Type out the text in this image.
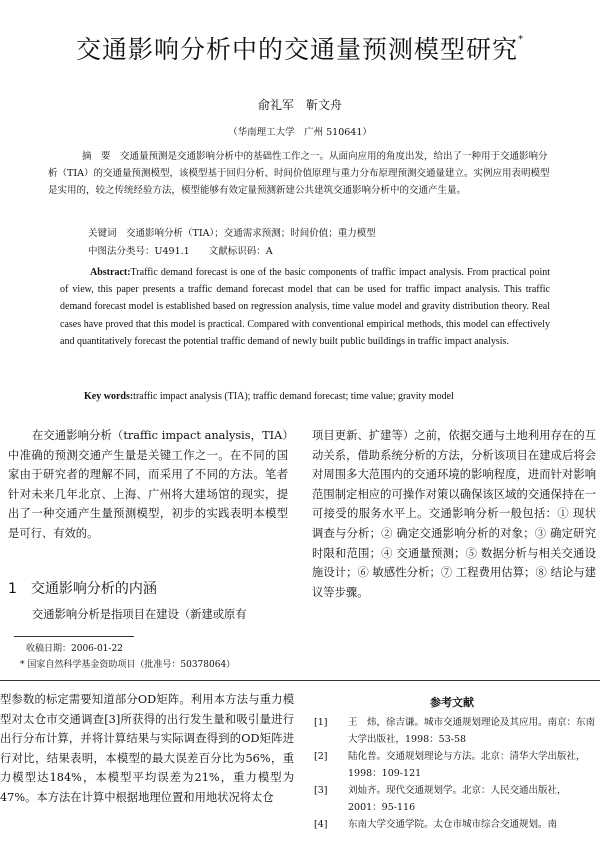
交通影响分析中的交通量预测模型研究*
俞礼军　靳文舟
（华南理工大学　广州 510641）
摘　要　交通量预测是交通影响分析中的基础性工作之一。从面向应用的角度出发，给出了一种用于交通影响分析（TIA）的交通量预测模型，该模型基于回归分析、时间价值原理与重力分布原理预测交通量建立。实例应用表明模型是实用的，较之传统经验方法，模型能够有效定量预测新建公共建筑交通影响分析中的交通产生量。
关键词　交通影响分析（TIA）；交通需求预测；时间价值；重力模型
中图法分类号：U491.1　　文献标识码：A
Abstract:Traffic demand forecast is one of the basic components of traffic impact analysis. From practical point of view, this paper presents a traffic demand forecast model that can be used for traffic impact analysis. This traffic demand forecast model is established based on regression analysis, time value model and gravity distribution theory. Real cases have proved that this model is practical. Compared with conventional empirical methods, this model can effectively and quantitatively forecast the potential traffic demand of newly built public buildings in traffic impact analysis.
Key words:traffic impact analysis (TIA); traffic demand forecast; time value; gravity model
在交通影响分析（traffic impact analysis，TIA）中准确的预测交通产生量是关键工作之一。在不同的国家由于研究者的理解不同，而采用了不同的方法。笔者针对未来几年北京、上海、广州将大建场馆的现实，提出了一种交通产生量预测模型，初步的实践表明本模型是可行、有效的。
1　交通影响分析的内涵
交通影响分析是指项目在建设（新建或原有
项目更新、扩建等）之前，依据交通与土地利用存在的互动关系，借助系统分析的方法，分析该项目在建成后将会对周围多大范围内的交通环境的影响程度，进而针对影响范围制定相应的可操作对策以确保该区域的交通保持在一可接受的服务水平上。交通影响分析一般包括：① 现状调查与分析；② 确定交通影响分析的对象；③ 确定研究时限和范围；④ 交通量预测；⑤ 数据分析与相关交通设施设计；⑥ 敏感性分析；⑦ 工程费用估算；⑧ 结论与建议等步骤。
收稿日期：2006-01-22
* 国家自然科学基金资助项目（批准号：50378064）
型参数的标定需要知道部分OD矩阵。利用本方法与重力模型对太仓市交通调查[3]所获得的出行发生量和吸引量进行出行分布计算，并将计算结果与实际调查得到的OD矩阵进行对比，结果表明，本模型的最大误差百分比为56%，重力模型达184%，本模型平均误差为21%，重力模型为47%。本方法在计算中根据地理位置和用地状况将太仓
参考文献
[1]	王　炜，徐吉谦。城市交通规划理论及其应用。南京：东南大学出版社，1998：53-58
[2]	陆化普。交通规划理论与方法。北京：清华大学出版社，1998：109-121
[3]	刘灿齐。现代交通规划学。北京：人民交通出版社，2001：95-116
[4]	东南大学交通学院。太仓市城市综合交通规划。南
